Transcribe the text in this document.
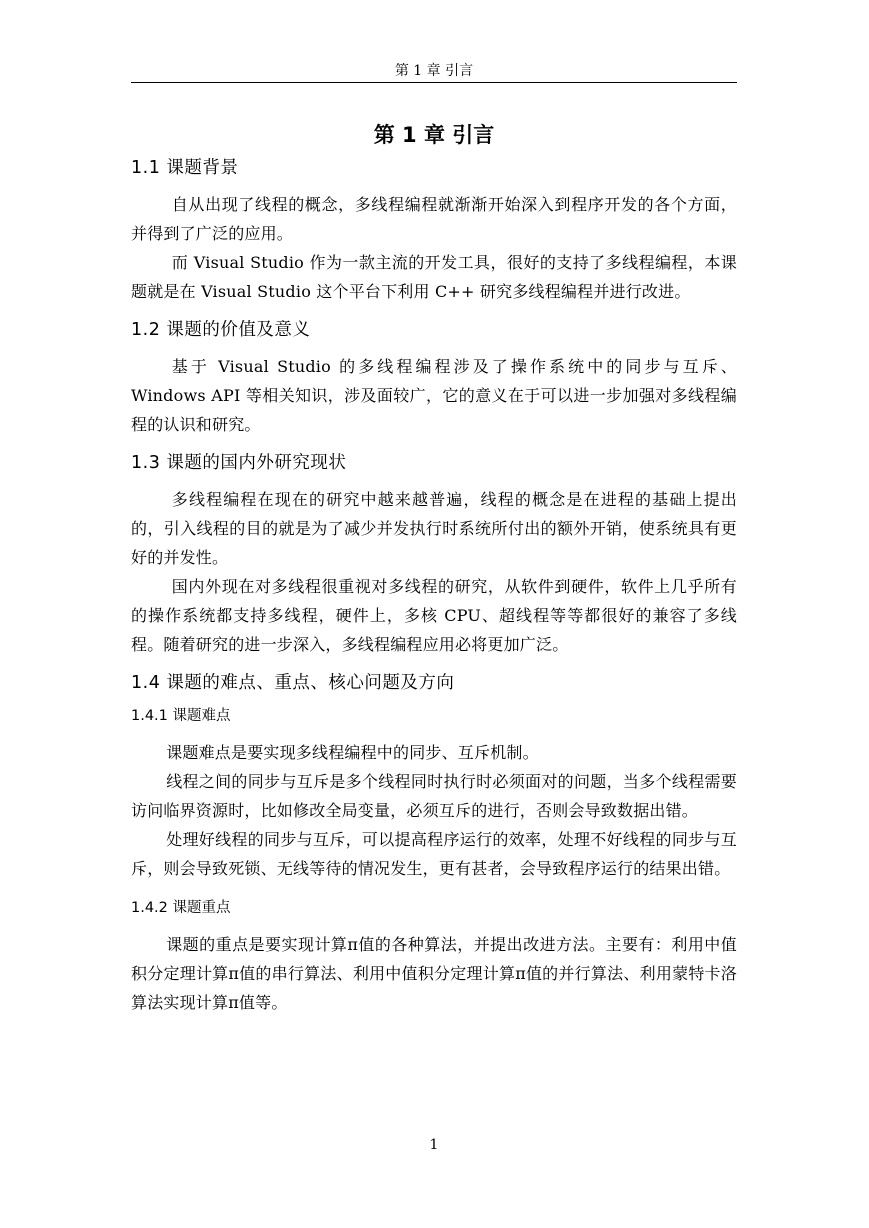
第 1 章 引言
第 1 章 引言
1.1 课题背景

自从出现了线程的概念，多线程编程就渐渐开始深入到程序开发的各个方面，并得到了广泛的应用。

而 Visual Studio 作为一款主流的开发工具，很好的支持了多线程编程，本课题就是在 Visual Studio 这个平台下利用 C++ 研究多线程编程并进行改进。

1.2 课题的价值及意义

基于 Visual Studio 的多线程编程涉及了操作系统中的同步与互斥、Windows API 等相关知识，涉及面较广，它的意义在于可以进一步加强对多线程编程的认识和研究。

1.3 课题的国内外研究现状

多线程编程在现在的研究中越来越普遍，线程的概念是在进程的基础上提出的，引入线程的目的就是为了减少并发执行时系统所付出的额外开销，使系统具有更好的并发性。

国内外现在对多线程很重视对多线程的研究，从软件到硬件，软件上几乎所有的操作系统都支持多线程，硬件上，多核 CPU、超线程等等都很好的兼容了多线程。随着研究的进一步深入，多线程编程应用必将更加广泛。

1.4 课题的难点、重点、核心问题及方向
1.4.1 课题难点

课题难点是要实现多线程编程中的同步、互斥机制。

线程之间的同步与互斥是多个线程同时执行时必须面对的问题，当多个线程需要访问临界资源时，比如修改全局变量，必须互斥的进行，否则会导致数据出错。

处理好线程的同步与互斥，可以提高程序运行的效率，处理不好线程的同步与互斥，则会导致死锁、无线等待的情况发生，更有甚者，会导致程序运行的结果出错。

1.4.2 课题重点

课题的重点是要实现计算π值的各种算法，并提出改进方法。主要有：利用中值积分定理计算π值的串行算法、利用中值积分定理计算π值的并行算法、利用蒙特卡洛算法实现计算π值等。

1
